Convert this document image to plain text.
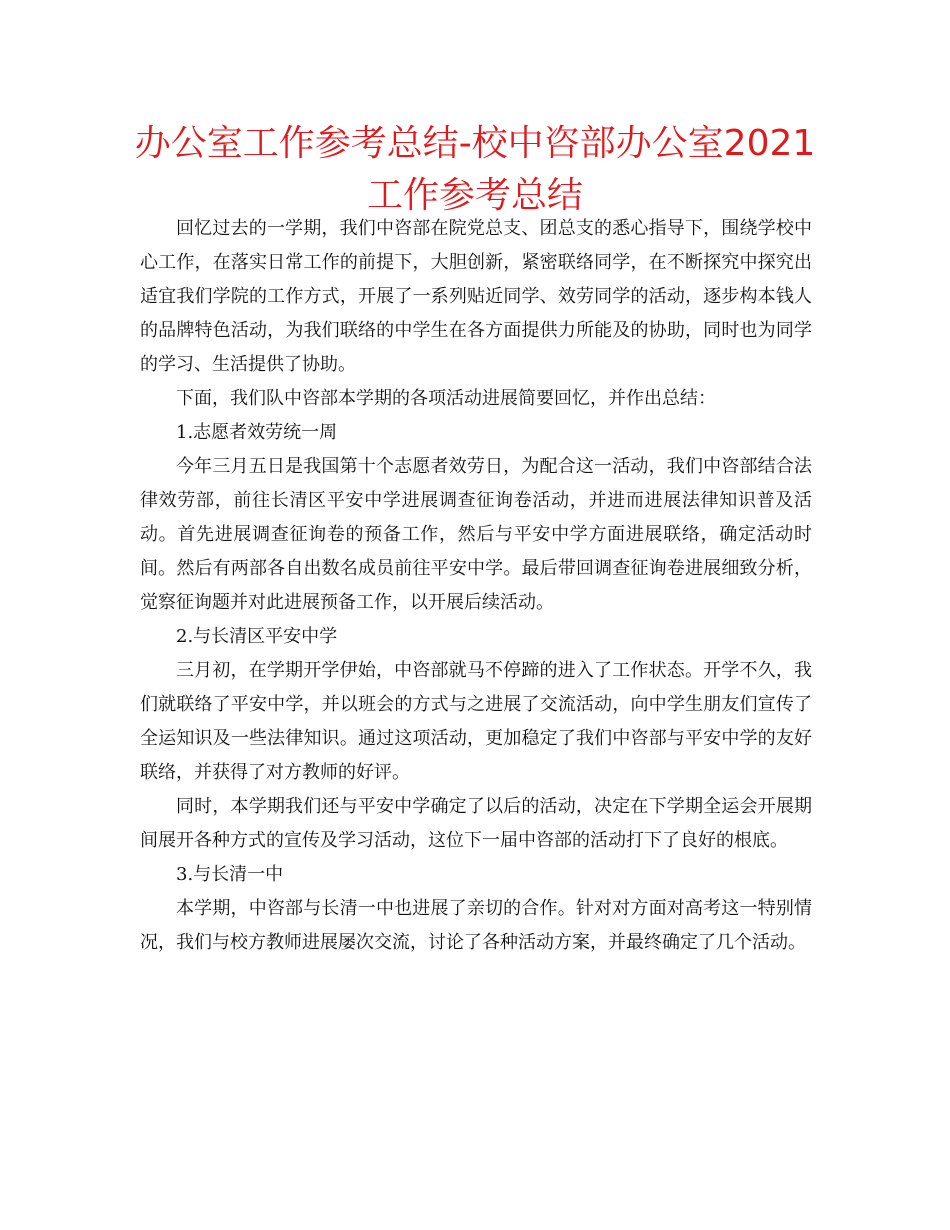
办公室工作参考总结-校中咨部办公室2021工作参考总结

回忆过去的一学期，我们中咨部在院党总支、团总支的悉心指导下，围绕学校中心工作，在落实日常工作的前提下，大胆创新，紧密联络同学，在不断探究中探究出适宜我们学院的工作方式，开展了一系列贴近同学、效劳同学的活动，逐步构本钱人的品牌特色活动，为我们联络的中学生在各方面提供力所能及的协助，同时也为同学的学习、生活提供了协助。

下面，我们队中咨部本学期的各项活动进展简要回忆，并作出总结：

1.志愿者效劳统一周

今年三月五日是我国第十个志愿者效劳日，为配合这一活动，我们中咨部结合法律效劳部，前往长清区平安中学进展调查征询卷活动，并进而进展法律知识普及活动。首先进展调查征询卷的预备工作，然后与平安中学方面进展联络，确定活动时间。然后有两部各自出数名成员前往平安中学。最后带回调查征询卷进展细致分析，觉察征询题并对此进展预备工作，以开展后续活动。

2.与长清区平安中学

三月初，在学期开学伊始，中咨部就马不停蹄的进入了工作状态。开学不久，我们就联络了平安中学，并以班会的方式与之进展了交流活动，向中学生朋友们宣传了全运知识及一些法律知识。通过这项活动，更加稳定了我们中咨部与平安中学的友好联络，并获得了对方教师的好评。

同时，本学期我们还与平安中学确定了以后的活动，决定在下学期全运会开展期间展开各种方式的宣传及学习活动，这位下一届中咨部的活动打下了良好的根底。

3.与长清一中

本学期，中咨部与长清一中也进展了亲切的合作。针对对方面对高考这一特别情况，我们与校方教师进展屡次交流，讨论了各种活动方案，并最终确定了几个活动。
